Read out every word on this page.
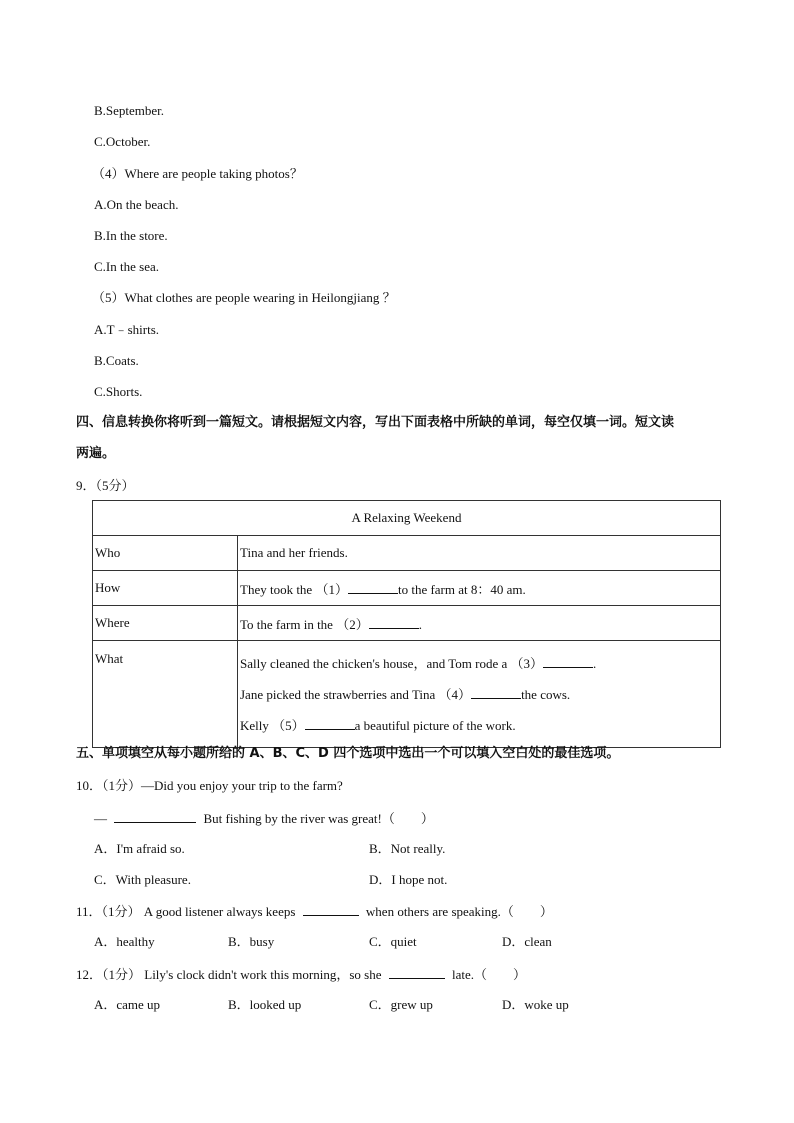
B.September.
C.October.
（4）Where are people taking photos？
A.On the beach.
B.In the store.
C.In the sea.
（5）What clothes are people wearing in Heilongjiang ？
A.T﹣shirts.
B.Coats.
C.Shorts.
四、信息转换你将听到一篇短文。请根据短文内容，写出下面表格中所缺的单词，每空仅填一词。短文读
两遍。
9．（5分）
A Relaxing Weekend	
Who	Tina and her friends.
How	They took the （1） to the farm at 8：40 am.
Where	To the farm in the （2） .
What	Sally cleaned the chicken's house，and Tom rode a （3） .
Jane picked the strawberries and Tina （4） the cows.
Kelly （5） a beautiful picture of the work.
五、单项填空从每小题所给的 A、B、C、D 四个选项中选出一个可以填入空白处的最佳选项。
10．（1分）—Did you enjoy your trip to the farm?
—	But fishing by the river was great!（　　）
A．I'm afraid so.	B．Not really.
C．With pleasure.	D．I hope not.
11．（1分） A good listener always keeps	when others are speaking.（　　）
A．healthy	B．busy	C．quiet	D．clean
12．（1分） Lily's clock didn't work this morning，so she	late.（　　）
A．came up	B．looked up	C．grew up	D．woke up
